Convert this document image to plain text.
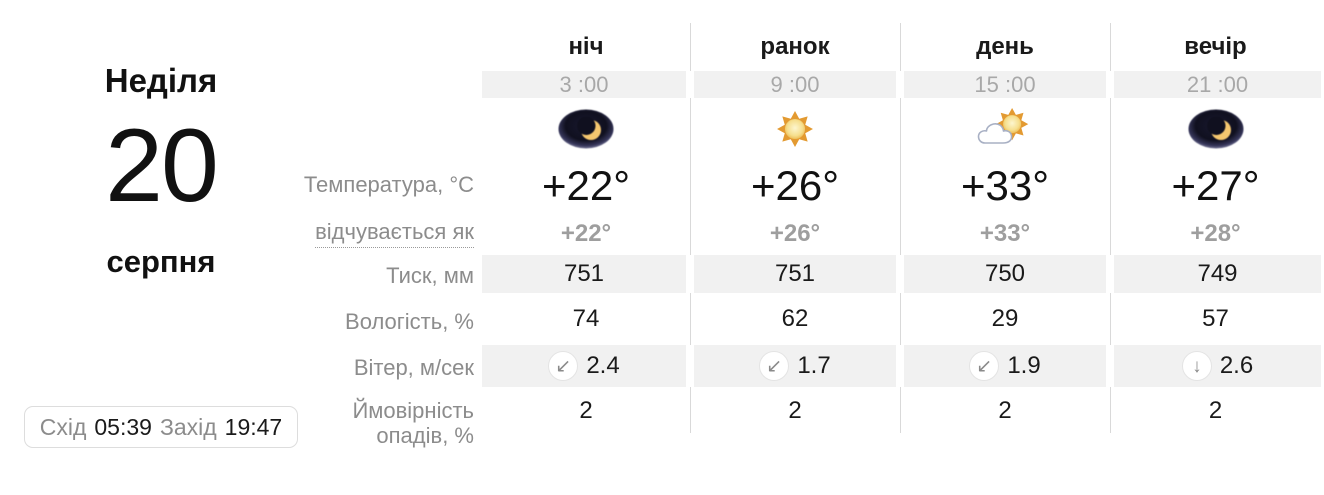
Неділя
20
серпня
Схід 05:39 Захід 19:47
Температура, °C
відчувається як
Тиск, мм
Вологість, %
Вітер, м/сек
Ймовірність
опадів, %
ніч
3 :00
+22°
+22°
751
74
↙ 2.4
2
ранок
9 :00
+26°
+26°
751
62
↙ 1.7
2
день
15 :00
+33°
+33°
750
29
↙ 1.9
2
вечір
21 :00
+27°
+28°
749
57
↓ 2.6
2
